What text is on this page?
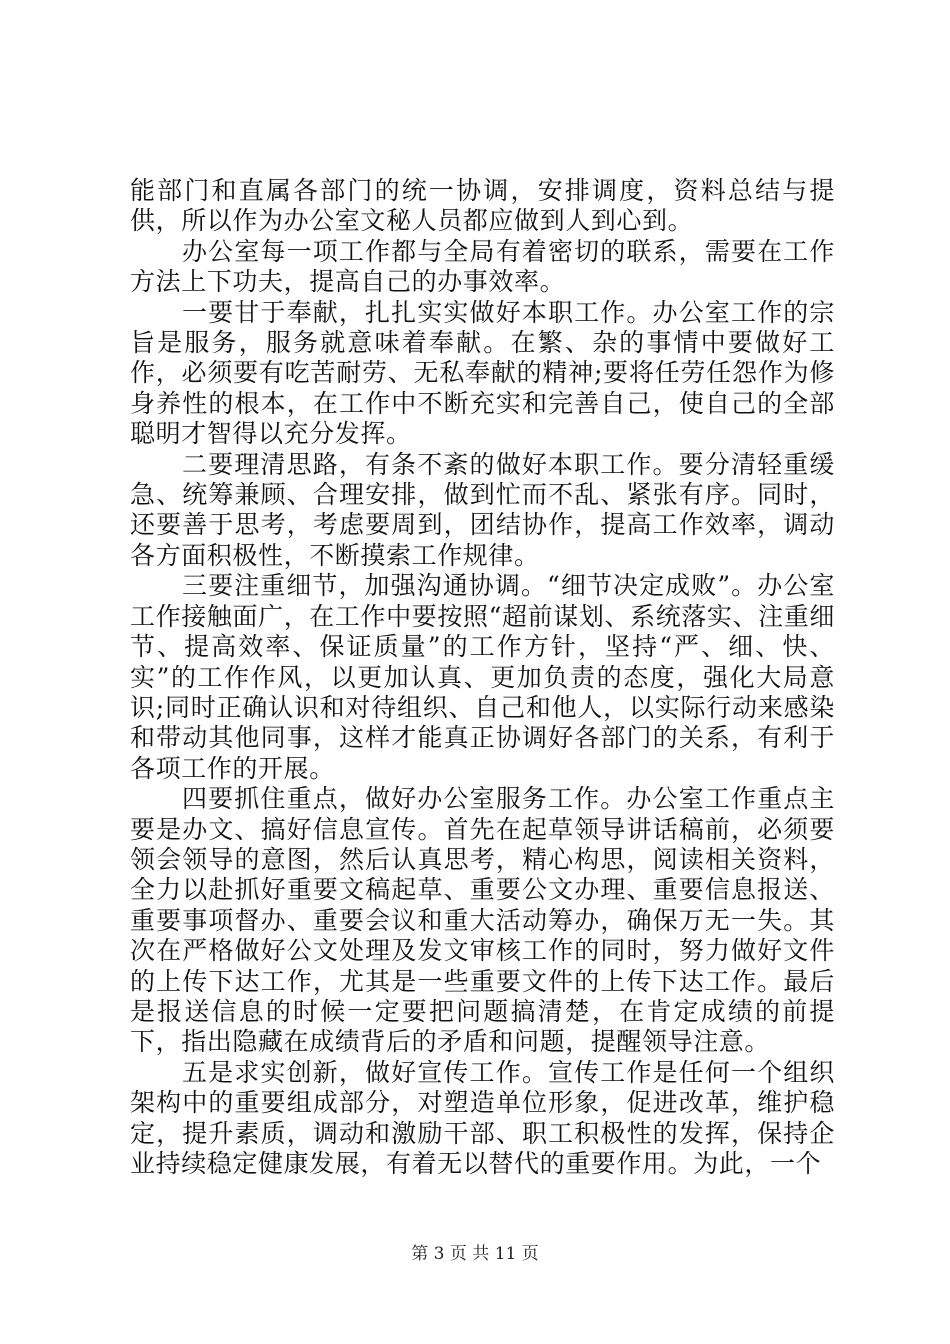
能部门和直属各部门的统一协调，安排调度，资料总结与提供，所以作为办公室文秘人员都应做到人到心到。

办公室每一项工作都与全局有着密切的联系，需要在工作方法上下功夫，提高自己的办事效率。

一要甘于奉献，扎扎实实做好本职工作。办公室工作的宗旨是服务，服务就意味着奉献。在繁、杂的事情中要做好工作，必须要有吃苦耐劳、无私奉献的精神;要将任劳任怨作为修身养性的根本，在工作中不断充实和完善自己，使自己的全部聪明才智得以充分发挥。

二要理清思路，有条不紊的做好本职工作。要分清轻重缓急、统筹兼顾、合理安排，做到忙而不乱、紧张有序。同时，还要善于思考，考虑要周到，团结协作，提高工作效率，调动各方面积极性，不断摸索工作规律。

三要注重细节，加强沟通协调。“细节决定成败”。办公室工作接触面广，在工作中要按照“超前谋划、系统落实、注重细节、提高效率、保证质量”的工作方针，坚持“严、细、快、实”的工作作风，以更加认真、更加负责的态度，强化大局意识;同时正确认识和对待组织、自己和他人，以实际行动来感染和带动其他同事，这样才能真正协调好各部门的关系，有利于各项工作的开展。

四要抓住重点，做好办公室服务工作。办公室工作重点主要是办文、搞好信息宣传。首先在起草领导讲话稿前，必须要领会领导的意图，然后认真思考，精心构思，阅读相关资料，全力以赴抓好重要文稿起草、重要公文办理、重要信息报送、重要事项督办、重要会议和重大活动筹办，确保万无一失。其次在严格做好公文处理及发文审核工作的同时，努力做好文件的上传下达工作，尤其是一些重要文件的上传下达工作。最后是报送信息的时候一定要把问题搞清楚，在肯定成绩的前提下，指出隐藏在成绩背后的矛盾和问题，提醒领导注意。

五是求实创新，做好宣传工作。宣传工作是任何一个组织架构中的重要组成部分，对塑造单位形象，促进改革，维护稳定，提升素质，调动和激励干部、职工积极性的发挥，保持企业持续稳定健康发展，有着无以替代的重要作用。为此，一个

第 3 页 共 11 页
